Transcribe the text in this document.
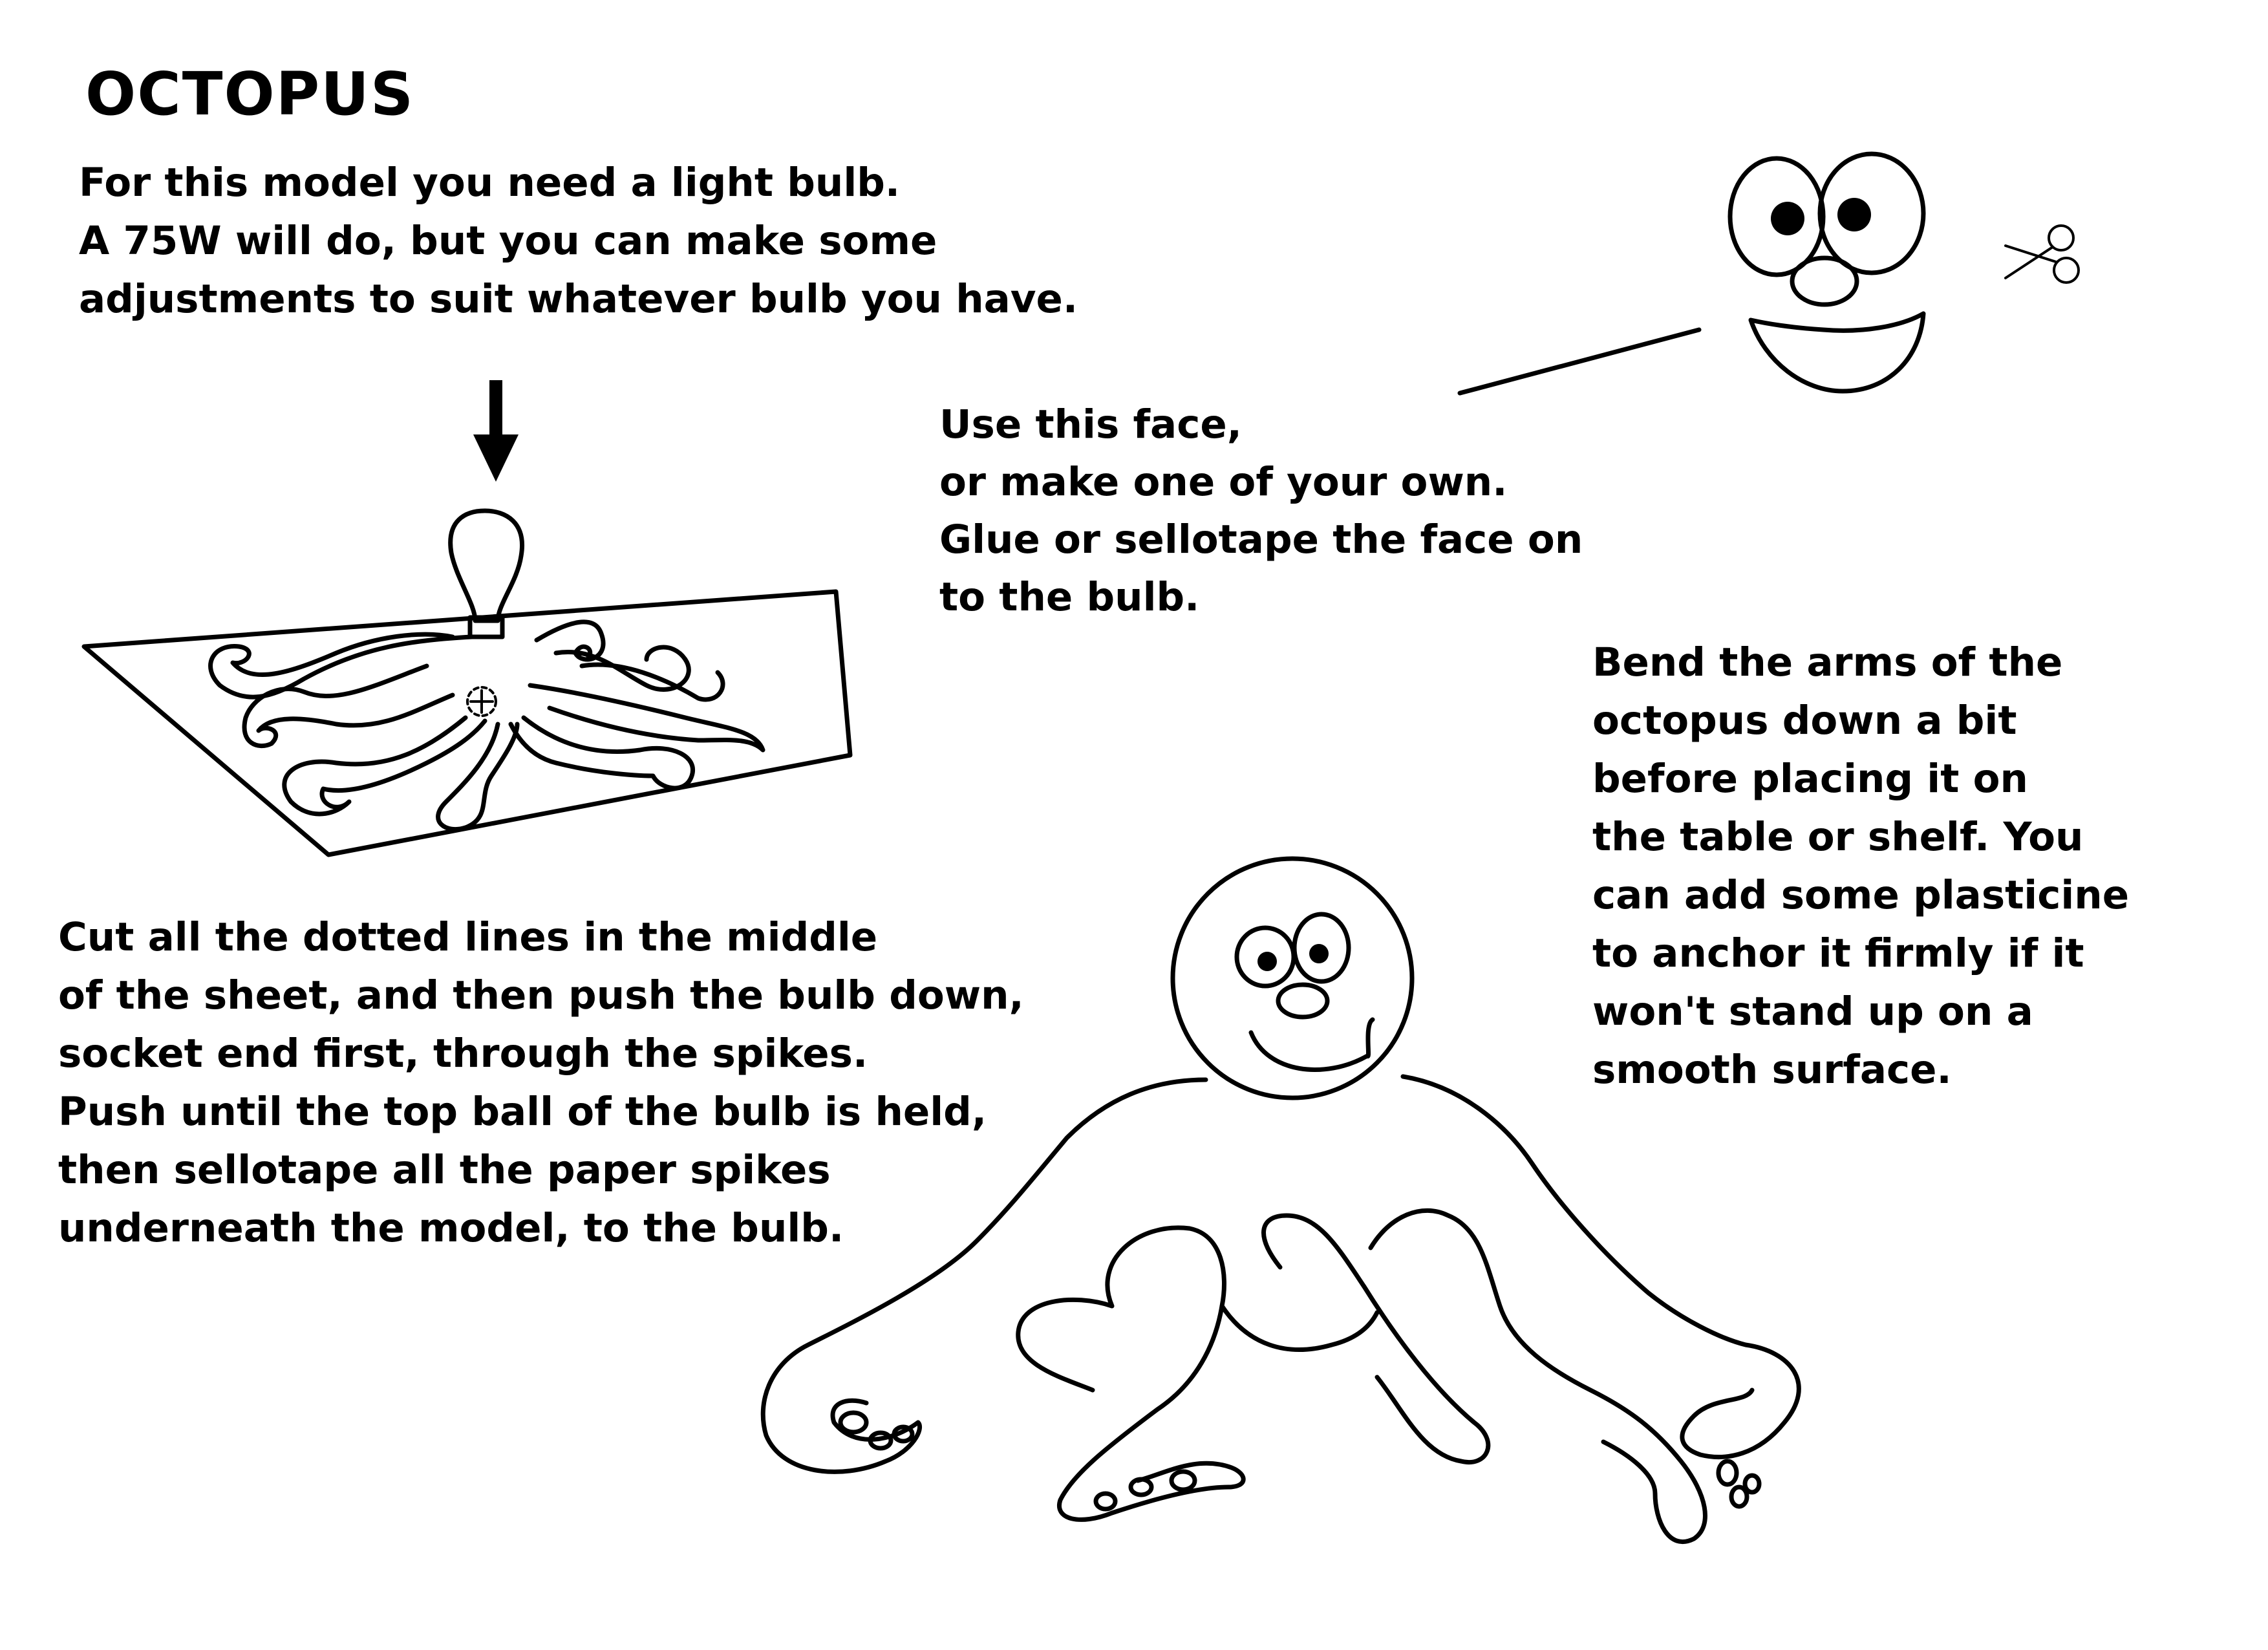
OCTOPUS
For this model you need a light bulb.
A 75W will do, but you can make some
adjustments to suit whatever bulb you have.
Use this face,
or make one of your own.
Glue or sellotape the face on
to the bulb.
Cut all the dotted lines in the middle
of the sheet, and then push the bulb down,
socket end first, through the spikes.
Push until the top ball of the bulb is held,
then sellotape all the paper spikes
underneath the model, to the bulb.
Bend the arms of the
octopus down a bit
before placing it on
the table or shelf. You
can add some plasticine
to anchor it firmly if it
won't stand up on a
smooth surface.
